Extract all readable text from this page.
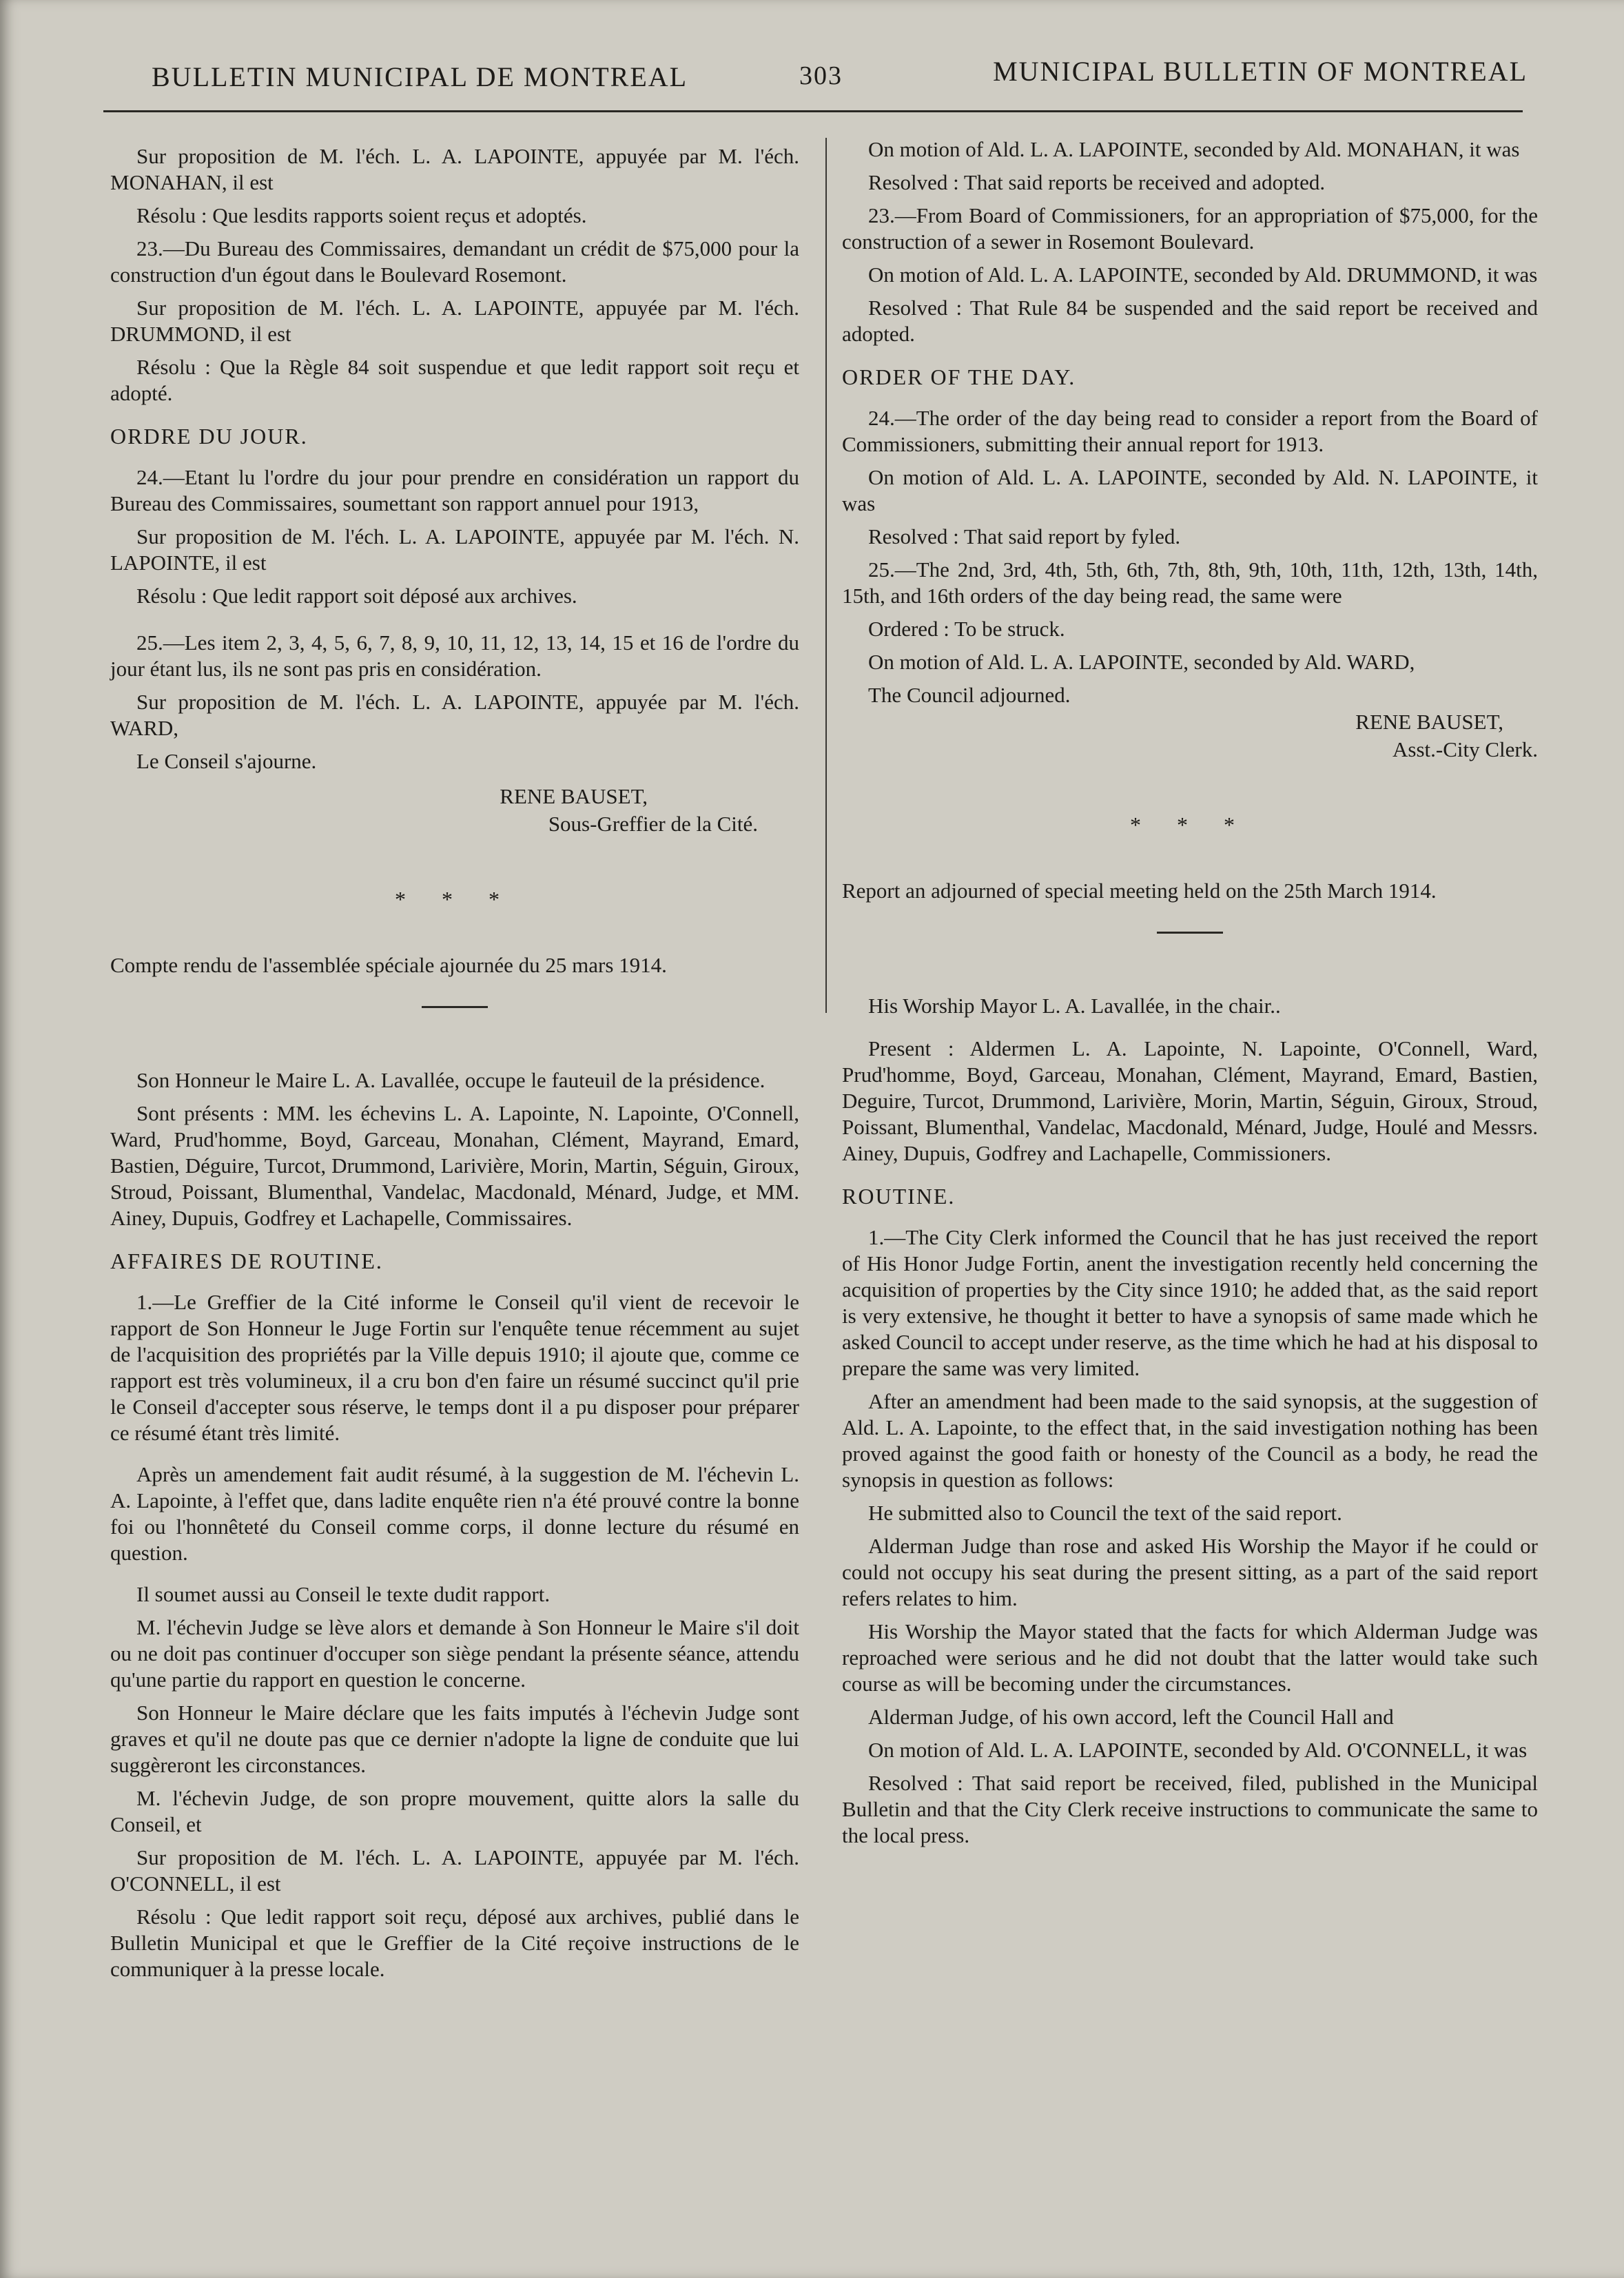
BULLETIN MUNICIPAL DE MONTREAL	303	MUNICIPAL BULLETIN OF MONTREAL

Sur proposition de M. l'éch. L. A. LAPOINTE, appuyée par M. l'éch. MONAHAN, il est

Résolu : Que lesdits rapports soient reçus et adoptés.

23.—Du Bureau des Commissaires, demandant un crédit de $75,000 pour la construction d'un égout dans le Boulevard Rosemont.

Sur proposition de M. l'éch. L. A. LAPOINTE, appuyée par M. l'éch. DRUMMOND, il est

Résolu : Que la Règle 84 soit suspendue et que ledit rapport soit reçu et adopté.

ORDRE DU JOUR.

24.—Etant lu l'ordre du jour pour prendre en considération un rapport du Bureau des Commissaires, soumettant son rapport annuel pour 1913,

Sur proposition de M. l'éch. L. A. LAPOINTE, appuyée par M. l'éch. N. LAPOINTE, il est

Résolu : Que ledit rapport soit déposé aux archives.

25.—Les item 2, 3, 4, 5, 6, 7, 8, 9, 10, 11, 12, 13, 14, 15 et 16 de l'ordre du jour étant lus, ils ne sont pas pris en considération.

Sur proposition de M. l'éch. L. A. LAPOINTE, appuyée par M. l'éch. WARD,

Le Conseil s'ajourne.

RENE BAUSET,
Sous-Greffier de la Cité.
* * *

Compte rendu de l'assemblée spéciale ajournée du 25 mars 1914.

Son Honneur le Maire L. A. Lavallée, occupe le fauteuil de la présidence.

Sont présents : MM. les échevins L. A. Lapointe, N. Lapointe, O'Connell, Ward, Prud'homme, Boyd, Garceau, Monahan, Clément, Mayrand, Emard, Bastien, Déguire, Turcot, Drummond, Larivière, Morin, Martin, Séguin, Giroux, Stroud, Poissant, Blumenthal, Vandelac, Macdonald, Ménard, Judge, et MM. Ainey, Dupuis, Godfrey et Lachapelle, Commissaires.

AFFAIRES DE ROUTINE.

1.—Le Greffier de la Cité informe le Conseil qu'il vient de recevoir le rapport de Son Honneur le Juge Fortin sur l'enquête tenue récemment au sujet de l'acquisition des propriétés par la Ville depuis 1910; il ajoute que, comme ce rapport est très volumineux, il a cru bon d'en faire un résumé succinct qu'il prie le Conseil d'accepter sous réserve, le temps dont il a pu disposer pour préparer ce résumé étant très limité.

Après un amendement fait audit résumé, à la suggestion de M. l'échevin L. A. Lapointe, à l'effet que, dans ladite enquête rien n'a été prouvé contre la bonne foi ou l'honnêteté du Conseil comme corps, il donne lecture du résumé en question.

Il soumet aussi au Conseil le texte dudit rapport.

M. l'échevin Judge se lève alors et demande à Son Honneur le Maire s'il doit ou ne doit pas continuer d'occuper son siège pendant la présente séance, attendu qu'une partie du rapport en question le concerne.

Son Honneur le Maire déclare que les faits imputés à l'échevin Judge sont graves et qu'il ne doute pas que ce dernier n'adopte la ligne de conduite que lui suggèreront les circonstances.

M. l'échevin Judge, de son propre mouvement, quitte alors la salle du Conseil, et

Sur proposition de M. l'éch. L. A. LAPOINTE, appuyée par M. l'éch. O'CONNELL, il est

Résolu : Que ledit rapport soit reçu, déposé aux archives, publié dans le Bulletin Municipal et que le Greffier de la Cité reçoive instructions de le communiquer à la presse locale.

On motion of Ald. L. A. LAPOINTE, seconded by Ald. MONAHAN, it was

Resolved : That said reports be received and adopted.

23.—From Board of Commissioners, for an appropriation of $75,000, for the construction of a sewer in Rosemont Boulevard.

On motion of Ald. L. A. LAPOINTE, seconded by Ald. DRUMMOND, it was

Resolved : That Rule 84 be suspended and the said report be received and adopted.

ORDER OF THE DAY.

24.—The order of the day being read to consider a report from the Board of Commissioners, submitting their annual report for 1913.

On motion of Ald. L. A. LAPOINTE, seconded by Ald. N. LAPOINTE, it was

Resolved : That said report by fyled.

25.—The 2nd, 3rd, 4th, 5th, 6th, 7th, 8th, 9th, 10th, 11th, 12th, 13th, 14th, 15th, and 16th orders of the day being read, the same were

Ordered : To be struck.

On motion of Ald. L. A. LAPOINTE, seconded by Ald. WARD,

The Council adjourned.

RENE BAUSET,
Asst.-City Clerk.
* * *

Report an adjourned of special meeting held on the 25th March 1914.

His Worship Mayor L. A. Lavallée, in the chair..

Present : Aldermen L. A. Lapointe, N. Lapointe, O'Connell, Ward, Prud'homme, Boyd, Garceau, Monahan, Clément, Mayrand, Emard, Bastien, Deguire, Turcot, Drummond, Larivière, Morin, Martin, Séguin, Giroux, Stroud, Poissant, Blumenthal, Vandelac, Macdonald, Ménard, Judge, Houlé and Messrs. Ainey, Dupuis, Godfrey and Lachapelle, Commissioners.

ROUTINE.

1.—The City Clerk informed the Council that he has just received the report of His Honor Judge Fortin, anent the investigation recently held concerning the acquisition of properties by the City since 1910; he added that, as the said report is very extensive, he thought it better to have a synopsis of same made which he asked Council to accept under reserve, as the time which he had at his disposal to prepare the same was very limited.

After an amendment had been made to the said synopsis, at the suggestion of Ald. L. A. Lapointe, to the effect that, in the said investigation nothing has been proved against the good faith or honesty of the Council as a body, he read the synopsis in question as follows:

He submitted also to Council the text of the said report.

Alderman Judge than rose and asked His Worship the Mayor if he could or could not occupy his seat during the present sitting, as a part of the said report refers relates to him.

His Worship the Mayor stated that the facts for which Alderman Judge was reproached were serious and he did not doubt that the latter would take such course as will be becoming under the circumstances.

Alderman Judge, of his own accord, left the Council Hall and

On motion of Ald. L. A. LAPOINTE, seconded by Ald. O'CONNELL, it was

Resolved : That said report be received, filed, published in the Municipal Bulletin and that the City Clerk receive instructions to communicate the same to the local press.
